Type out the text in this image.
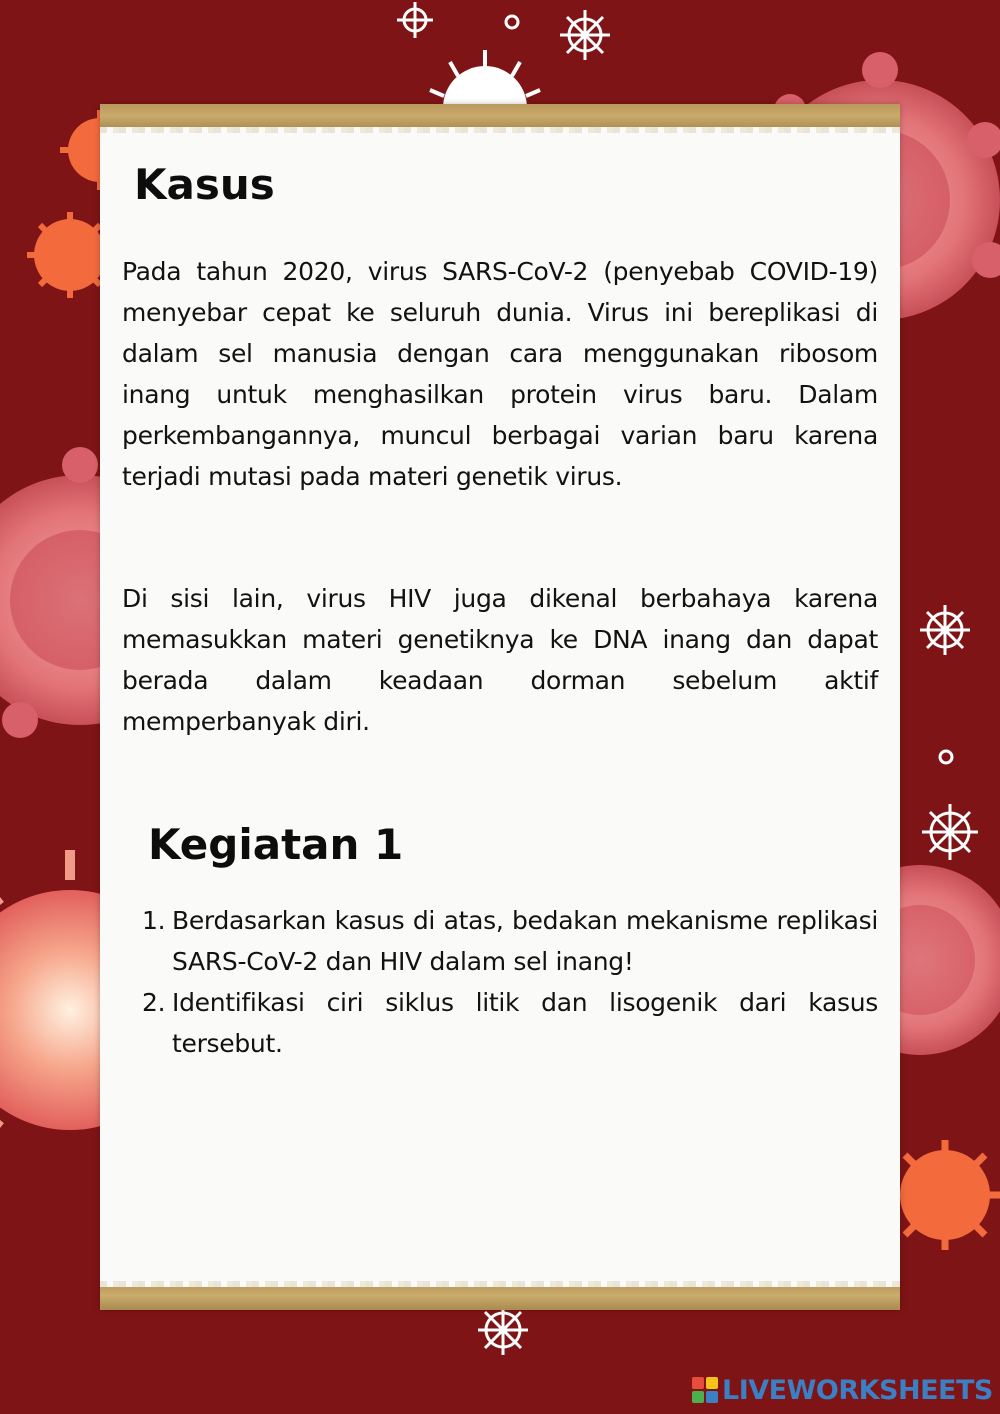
Kasus

Pada tahun 2020, virus SARS-CoV-2 (penyebab COVID-19) menyebar cepat ke seluruh dunia. Virus ini bereplikasi di dalam sel manusia dengan cara menggunakan ribosom inang untuk menghasilkan protein virus baru. Dalam perkembangannya, muncul berbagai varian baru karena terjadi mutasi pada materi genetik virus.

Di sisi lain, virus HIV juga dikenal berbahaya karena memasukkan materi genetiknya ke DNA inang dan dapat berada dalam keadaan dorman sebelum aktif memperbanyak diri.

Kegiatan 1
1. Berdasarkan kasus di atas, bedakan mekanisme replikasi SARS-CoV-2 dan HIV dalam sel inang!
2. Identifikasi ciri siklus litik dan lisogenik dari kasus tersebut.
LIVEWORKSHEETS
